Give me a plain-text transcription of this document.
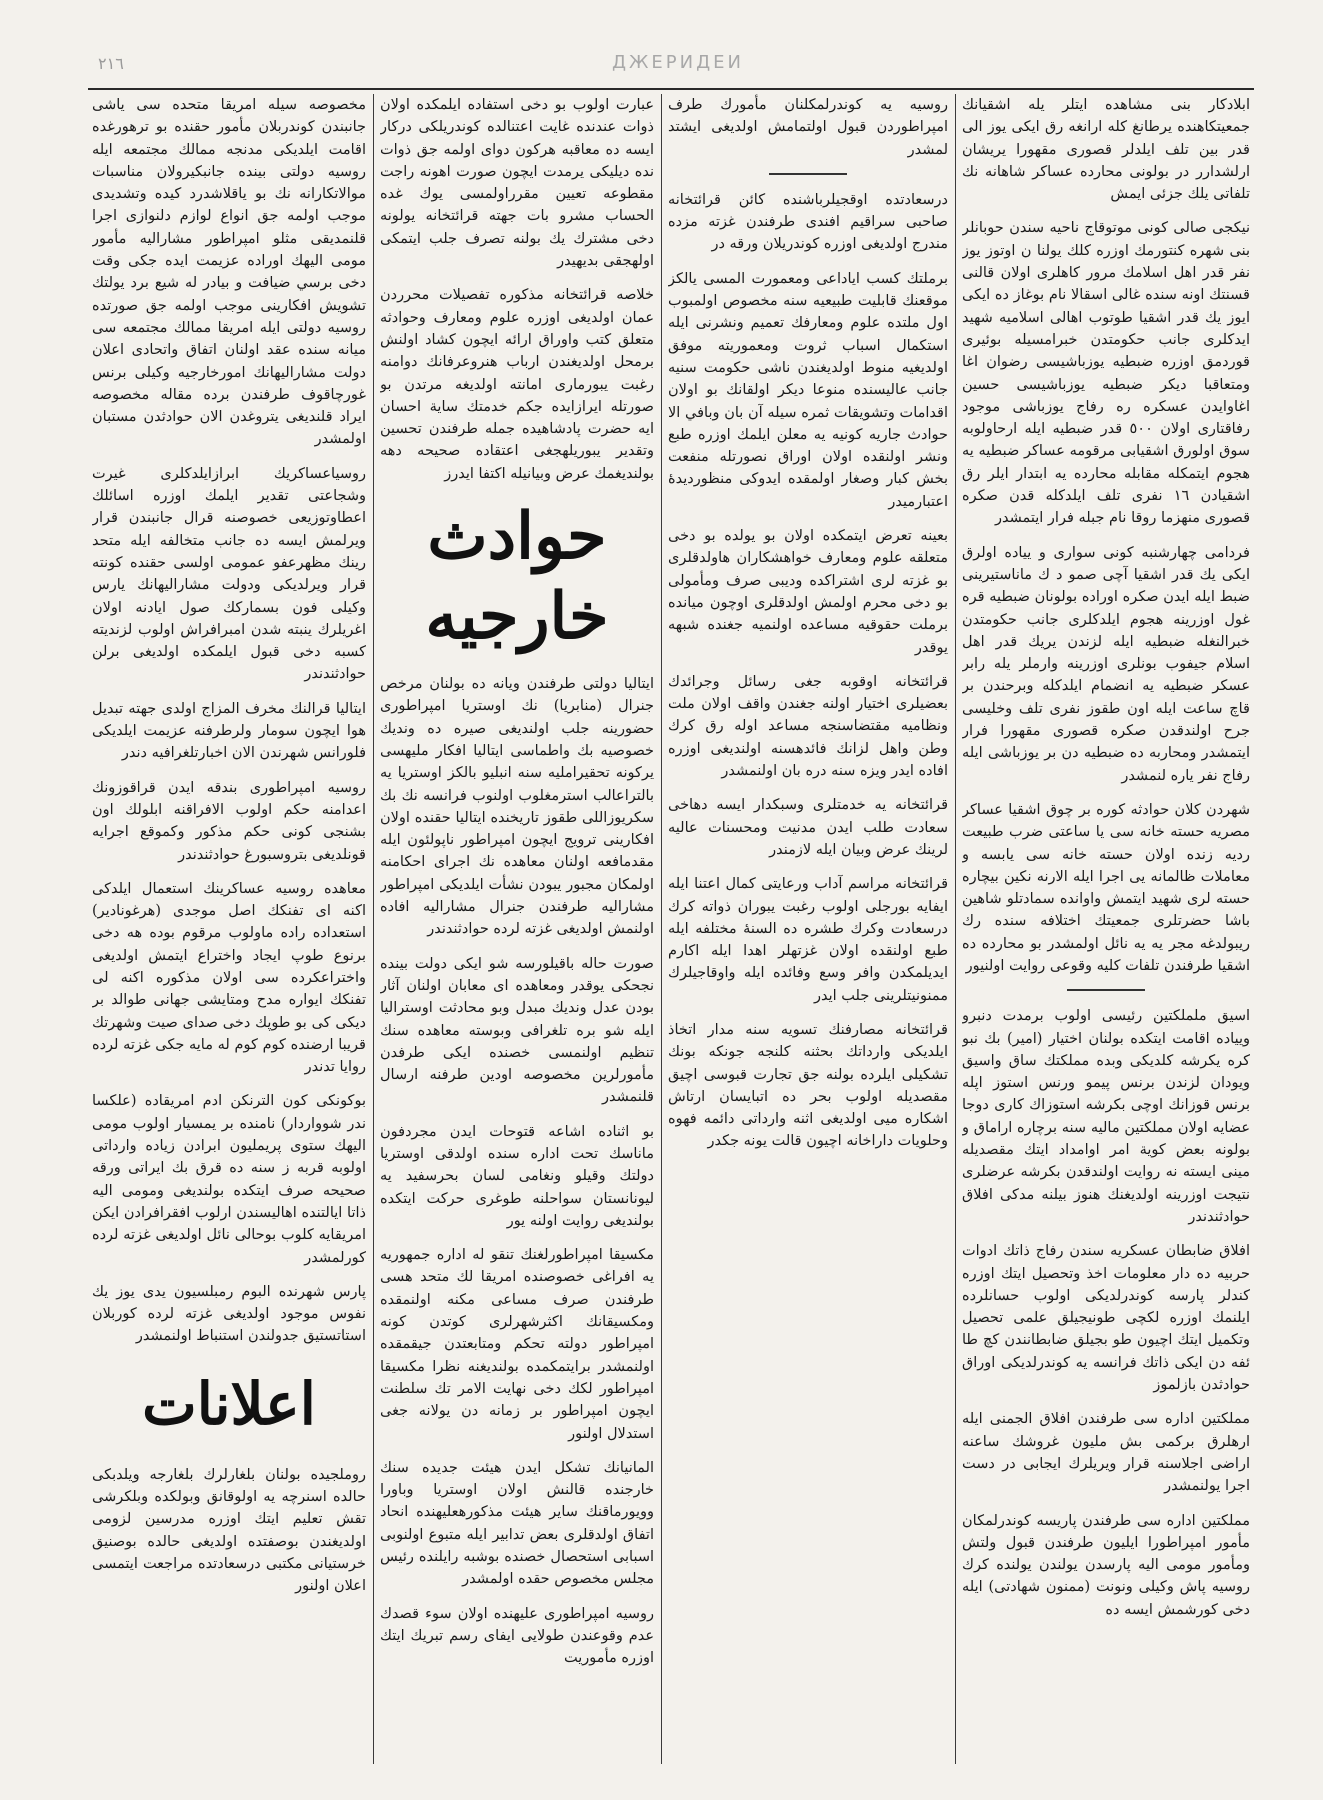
٢١٦	ДЖЕРИДЕИ

ابلادكار بنی مشاهده ايتلر يله اشقيانك جمعيتكاهنده يرطانغ كله ارانغه رق ايكی يوز الی قدر بين تلف ايلدلر قصوری مقهورا يريشان ارلشدارر در بولونی محارده عساكر شاهانه نك تلفاتی يلك جزئی ايمش

نيكجی صالی كونی موتوقاج ناحيه سندن حوبانلر بنی شهره كنتورمك اوزره كلك يولنا ن اوتوز يوز نفر قدر اهل اسلامك مرور كاهلری اولان قالنی قسنتك اونه سنده غالی اسقالا نام بوغاز ده ايكی ايوز يك قدر اشقيا طوتوب اهالی اسلاميه شهيد ايدكلری جانب حكومتدن خبرامسيله بوئيرى قوردمق اوزره ضبطيه يوزباشيسی رضوان اغا ومتعاقبا ديكر ضبطيه يوزباشيسی حسين اغاوايدن عسكره ره رفاج يوزباشی موجود رفاقتاری اولان ٥٠٠ قدر ضبطيه ايله ارحاولوبه سوق اولورق اشقيابی مرقومه عساكر ضبطيه يه هجوم ايتمكله مقابله محارده يه ابتدار ايلر رق اشقيادن ١٦ نفری تلف ايلدكله قدن صكره قصوری منهزما روقا نام جبله فرار ايتمشدر

فردامی چهارشنبه كونی سواری و يياده اولرق ايكی يك قدر اشقيا آچی صمو د ك ماناستيرينی ضبط ايله ايدن صكره اوراده بولونان ضبطيه قره غول اوزرينه هجوم ايلدكلری جانب حكومتدن خبرالنغله ضبطيه ايله لزندن يريك قدر اهل اسلام جيفوب بونلری اوزرينه وارملر يله رابر عسكر ضبطيه يه انضمام ايلدكله وبرحندن بر قاچ ساعت ايله اون طقوز نفری تلف وخليسی جرح اولندقدن صكره قصوری مقهورا فرار ايتمشدر ومحاربه ده ضبطيه دن بر يوزباشی ايله رفاج نفر ياره لنمشدر

شهردن كلان حوادثه كوره بر چوق اشقيا عساكر مصريه حسته خانه سی يا ساعتی ضرب طبيعت رديه زنده اولان حسته خانه سی يابسه و معاملات ظالمانه يی اجرا ايله الارنه نكين بيچاره حسته لری شهيد ايتمش واوانده سمادتلو شاهين باشا حضرتلری جمعيتك اختلافه سنده رك ريبولدغه مجر يه يه نائل اولمشدر بو محارده ده اشقيا طرفندن تلفات كليه وقوعی روايت اولنيور

اسيق ململكتين رئيسی اولوب برمدت دنبرو ويياده اقامت ايتكده بولنان اختيار (امير) بك نبو كره يكرشه كلديكی وبده مملكتك ساق واسيق ويودان لزندن برنس پيمو ورنس استوز اپله برنس قوزانك اوچی بكرشه استوزاك كاری دوجا عضايه اولان مملكتين ماليه سنه برچاره اراماق و بولونه بعض كوية امر اوامداد ايتك مقصديله مينی ايسته نه روايت اولندقدن بكرشه عرضلری نتيجت اوزرينه اولديغنك هنوز بيلنه مدكی افلاق حوادثندندر

افلاق ضابطان عسكريه سندن رفاج ذاتك ادوات حربيه ده دار معلومات اخذ وتحصيل ايتك اوزره كندلر پارسه كوندرلديكی اولوب حسانلرده ايلنمك اوزره لكچی طونيجيلق علمی تحصيل وتكميل ايتك اچيون طو بجيلق ضابطانندن كچ طا ئفه دن ايكی ذاتك فرانسه يه كوندرلديكی اوراق حوادثدن بازلموز

مملكتين اداره سی طرفندن افلاق الجمنی ايله ارهلرق بركمی بش مليون غروشك ساعنه اراضی اجلاسنه قرار ويريلرك ايجابی در دست اجرا يولنمشدر

مملكتين اداره سی طرفندن پاريسه كوندرلمكان مأمور امپراطورا ايليون طرفندن قبول ولتش ومأمور مومی اليه پارسدن يولندن يولنده كرك روسيه پاش وكيلی ونونت (ممنون شهادتی) ايله دخی كورشمش ايسه ده

روسيه يه كوندرلمكلنان مأمورك طرف امپراطوردن قبول اولتمامش اولديغی ايشتد لمشدر

درسعادتده اوقجيلرباشنده كائن قرائتخانه صاحبی سراقيم افندی طرفندن غزته مزده مندرج اولديغی اوزره كوندريلان ورقه در

برملتك كسب اياداعی ومعمورت المسی يالكز موقعنك قابليت طبيعيه سنه مخصوص اولمبوب اول ملتده علوم ومعارفك تعميم ونشرنی ايله استكمال اسباب ثروت ومعموريته موفق اولديغيه منوط اولديغندن ناشی حكومت سنيه جانب عاليسنده منوعا ديكر اولقانك بو اولان اقدامات وتشويقات ثمره سيله آن بان وبافي الا حوادث جاريه كونيه يه معلن ايلمك اوزره طبع ونشر اولنقده اولان اوراق نصورتله منفعت بخش كبار وصغار اولمقده ايدوكی منظورديدهٔ اعتبارميدر

بعينه تعرض ايتمكده اولان بو يولده بو دخی متعلقه علوم ومعارف خواهشكاران هاولدقلری بو غزته لری اشتراكده وديبی صرف ومأمولی بو دخی محرم اولمش اولدقلری اوچون ميانده برملت حقوقيه مساعده اولنميه جغنده شبهه يوقدر

قرائتخانه اوقوبه جغی رسائل وجرائدك بعضيلری اختيار اولنه جغندن واقف اولان ملت ونظاميه مقتضاسنجه مساعد اوله رق كرك وطن واهل لزانك فائدهسنه اولنديغی اوزره افاده ايدر ويزه سنه دره بان اولنمشدر

قرائتخانه يه خدمتلری وسبكدار ايسه دهاخی سعادت طلب ايدن مدنيت ومحسنات عاليه لرينك عرض وبيان ايله لازمندر

قرائتخانه مراسم آداب ورعايتی كمال اعتنا ايله ايفايه بورجلی اولوب رغبت يبوران ذواته كرك درسعادت وكرك طشره ده السنهٔ مختلفه ايله طبع اولنقده اولان غزتهلر اهدا ايله اكارم ايديلمكدن وافر وسع وفائده ايله واوقاجيلرك ممنونيتلرينی جلب ايدر

قرائتخانه مصارفنك تسويه سنه مدار اتخاذ ايلديكی وارداتك بحثنه كلنجه جونكه بونك تشكيلی ايلرده بولنه جق تجارت قبوسی اچيق مقصديله اولوب بحر ده اتبايسان ارتاش اشكاره ميی اولديغی اثنه وارداتی دائمه فهوه وحلويات داراخانه اچيون قالت يونه جكدر

عبارت اولوب بو دخی استفاده ايلمكده اولان ذوات عندنده غايت اعتنالده كوندريلكی دركار ايسه ده معاقبه هركون دوای اولمه جق ذوات نده ديليكی يرمدت ايچون صورت اهونه راجت مقطوعه تعيين مقرراولمسی يوك غده الحساب مشرو بات جهته قرائتخانه يولونه دخی مشترك يك بولنه تصرف جلب ايتمكی اولهجقی بديهيدر

خلاصه قرائتخانه مذكوره تفصيلات محرردن عمان اولديغی اوزره علوم ومعارف وحوادثه متعلق كتب واوراق ارائه ايچون كشاد اولنش برمحل اولديغندن ارباب هنروعرفانك دوامنه رغبت يبورماری امانته اولديغه مرتدن بو صورتله ايرازايده جكم خدمتك ساية احسان ايه حضرت پادشاهيده جمله طرفندن تحسين وتقدير يبوريلهجغی اعتقاده صحيحه دهه بولنديغمك عرض وبيانيله اكتفا ايدرز

حوادث خارجيه

ايتاليا دولتی طرفندن ويانه ده بولنان مرخص جنرال (منابريا) نك اوستريا امپراطوری حضورينه جلب اولنديغی صيره ده ونديك خصوصيه بك واطماسی ايتاليا افكار مليهسی يركونه تحقيرامليه سنه انبليو بالكز اوستريا يه بالتراعالب استرمغلوب اولنوب فرانسه نك بك سكريوزاللی طقوز تاريخنده ايتاليا حقنده اولان افكارينی ترويج ايچون امپراطور ناپولئون ايله مقدمافعه اولنان معاهده نك اجرای احكامنه اولمكان مجبور يبودن نشأت ايلديكی امپراطور مشارالیه طرفندن جنرال مشارالیه افاده اولنمش اولديغی غزته لرده حوادثندندر

صورت حاله باقيلورسه شو ايكی دولت بينده نجحكی يوقدر ومعاهده ای معابان اولنان آثار بودن عدل ونديك مبدل وبو محادثت اوستراليا ايله شو بره تلغرافی وبوسته معاهده سنك تنظيم اولنمسی خصنده ايكی طرفدن مأمورلرين مخصوصه اودين طرفنه ارسال قلنمشدر

بو اثناده اشاعه قتوحات ايدن مجردفون ماناسك تحت اداره سنده اولدقی اوستريا دولتك وقيلو ونغامی لسان بحرسفيد يه ليونانستان سواحلنه طوغری حركت ايتكده بولنديغی روايت اولنه يور

مكسيقا امپراطورلغنك تنقو له اداره جمهوريه يه افراغی خصوصنده امريقا لك متحد هسی طرفندن صرف مساعی مكنه اولنمقده ومكسيقانك اكثرشهرلری كوتدن كونه امپراطور دولته تحكم ومتابعتدن جيقمقده اولنمشدر برايتمكمده بولنديغنه نظرا مكسيقا امپراطور لكك دخی نهايت الامر تك سلطنت ايچون امپراطور بر زمانه دن يولانه جغی استدلال اولنور

المانيانك تشكل ايدن هيئت جديده سنك خارجنده قالنش اولان اوستريا وباورا وويورماقنك ساير هيئت مذكورهعليهنده انحاد اتفاق اولدقلری بعض تدابير ايله متبوع اولنوبی اسبابی استحصال خصنده بوشبه رايلنده رئيس مجلس مخصوص حقده اولمشدر

روسيه امپراطوری عليهنده اولان سوء قصدك عدم وقوعندن طولايی ايفای رسم تبريك ايتك اوزره مأموريت

مخصوصه سيله امريقا متحده سی ياشی جانبندن كوندربلان مأمور حقنده بو ترهورغده اقامت ايلديكی مدنجه ممالك مجتمعه ايله روسيه دولتی بينده جانبكيرولان مناسبات موالاتكارانه نك بو ياقلاشدرد كيده وتشديدی موجب اولمه جق انواع لوازم دلنوازی اجرا قلنمديقی مثلو امپراطور مشارالیه مأمور مومی الیهك اوراده عزيمت ايده جكی وقت دخی برسي ضيافت و بيادر له شيع برد يولتك تشويش افكارينی موجب اولمه جق صورتده روسيه دولتی ايله امريقا ممالك مجتمعه سی ميانه سنده عقد اولنان اتفاق واتحادی اعلان دولت مشارالیهانك امورخارجيه وكيلی برنس غورچاقوف طرفندن برده مقاله مخصوصه ايراد قلنديغی يتروغدن الان حوادثدن مستبان اولمشدر

روسياعساكريك ابرازايلدكلری غيرت وشجاعتی تقدير ايلمك اوزره اسائلك اعطاوتوزيعی خصوصنه قرال جانبندن قرار ويرلمش ايسه ده جانب متخالفه ايله متحد رينك مظهرعفو عمومی اولسی حقنده كونته قرار ويرلديكی ودولت مشارالیهانك يارس وكيلی فون بسماركك صول ايادنه اولان اغريلرك ينبته شدن امبرافراش اولوب لزنديته كسبه دخی قبول ايلمكده اولديغی برلن حوادثندندر

ايتاليا قرالنك مخرف المزاج اولدی جهته تبديل هوا ايچون سومار ولرطرفنه عزيمت ايلديكی فلورانس شهرندن الان اخبارتلغرافيه دندر

روسيه امپراطوری بندقه ايدن قراقوزونك اعدامنه حكم اولوب الافراقنه ابلولك اون بشنجی كونی حكم مذكور وكموقع اجرايه قونلديغی بتروسبورغ حوادثندندر

معاهده روسيه عساكرينك استعمال ايلدكی اكنه ای تفنكك اصل موجدی (هرغونادير) استعداده راده ماولوب مرقوم بوده هه دخی برنوع طوپ ايجاد واختراع ايتمش اولديغی واختراعكرده سی اولان مذكوره اكنه لی تفنكك ايواره مدح ومتايشی جهانی طوالد بر ديكی كی بو طوپك دخی صدای صيت وشهرتك قريبا ارضنده كوم كوم له مايه جكی غزته لرده روايا تدندر

بوكونكی كون الترنكن ادم امريقاده (علكسا ندر شوواردار) نامنده بر يمسيار اولوب مومی اليهك ستوی پريمليون ابرادن زياده وارداتی اولوبه قربه ز سنه ده قرق بك ايراتی ورقه صحيحه صرف ايتكده بولنديغی ومومی اليه ذاتا ايالتنده اهاليسندن ارلوب افقرافرادن ايكن امريقايه كلوب بوحالی نائل اولديغی غزته لرده كورلمشدر

پارس شهرنده البوم رمبلسيون يدی يوز يك نفوس موجود اولديغی غزته لرده كوربلان استاتستيق جدولندن استنباط اولنمشدر

اعلانات

روملجيده بولنان بلغارلرك بلغارجه ويلدبكی حالده اسنرچه يه اولوقانق وبولكده وبلكرشی تقش تعليم ايتك اوزره مدرسين لزومی اولديغندن بوصفتده اولديغی حالده بوصنيق خرستيانی مكتبی درسعادتده مراجعت ايتمسی اعلان اولنور
